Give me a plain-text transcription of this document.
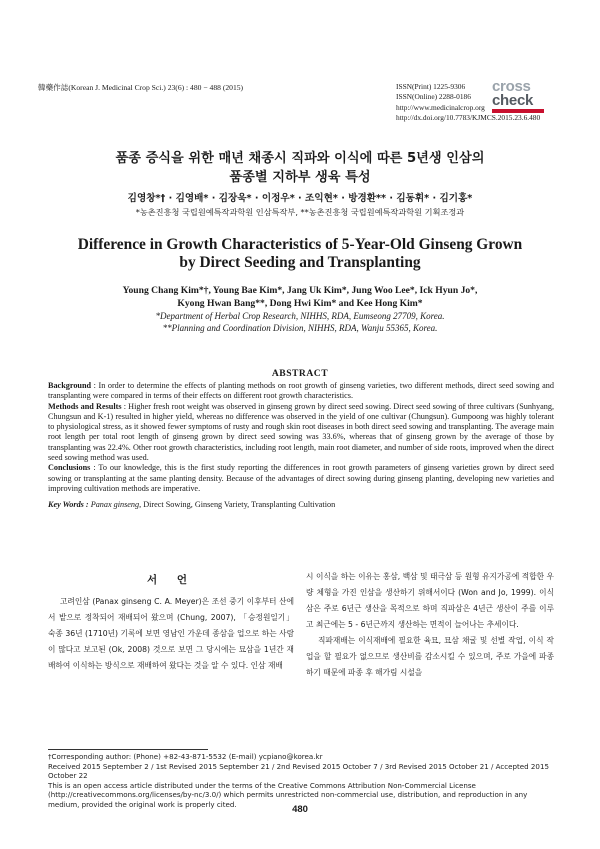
韓藥作誌(Korean J. Medicinal Crop Sci.) 23(6) : 480 − 488 (2015)	ISSN(Print) 1225-9306
ISSN(Online) 2288-0186
http://www.medicinalcrop.org
http://dx.doi.org/10.7783/KJMCS.2015.23.6.480
cross
check
품종 증식을 위한 매년 채종시 직파와 이식에 따른 5년생 인삼의
품종별 지하부 생육 특성
김영창*† · 김영배* · 김장욱* · 이정우* · 조익현* · 방경환** · 김동휘* · 김기홍*
*농촌진흥청 국립원예특작과학원 인삼특작부, **농촌진흥청 국립원예특작과학원 기획조정과
Difference in Growth Characteristics of 5-Year-Old Ginseng Grown
by Direct Seeding and Transplanting
Young Chang Kim*†, Young Bae Kim*, Jang Uk Kim*, Jung Woo Lee*, Ick Hyun Jo*,
Kyong Hwan Bang**, Dong Hwi Kim* and Kee Hong Kim*
*Department of Herbal Crop Research, NIHHS, RDA, Eumseong 27709, Korea.
**Planning and Coordination Division, NIHHS, RDA, Wanju 55365, Korea.
ABSTRACT

Background : In order to determine the effects of planting methods on root growth of ginseng varieties, two different methods, direct seed sowing and transplanting were compared in terms of their effects on different root growth characteristics.

Methods and Results : Higher fresh root weight was observed in ginseng grown by direct seed sowing. Direct seed sowing of three cultivars (Sunhyang, Chungsun and K-1) resulted in higher yield, whereas no difference was observed in the yield of one cultivar (Chungsun). Gumpoong was highly tolerant to physiological stress, as it showed fewer symptoms of rusty and rough skin root diseases in both direct seed sowing and transplanting. The average main root length per total root length of ginseng grown by direct seed sowing was 33.6%, whereas that of ginseng grown by the average of those by transplanting was 22.4%. Other root growth characteristics, including root length, main root diameter, and number of side roots, improved when the direct seed sowing method was used.

Conclusions : To our knowledge, this is the first study reporting the differences in root growth parameters of ginseng varieties grown by direct seed sowing or transplanting at the same planting density. Because of the advantages of direct sowing during ginseng planting, developing new varieties and improving cultivation methods are imperative.

Key Words : Panax ginseng, Direct Sowing, Ginseng Variety, Transplanting Cultivation

서 언

고려인삼 (Panax ginseng C. A. Meyer)은 조선 중기 이후부터 산에서 밭으로 정착되어 재배되어 왔으며 (Chung, 2007), 「승정원일기」 숙종 36년 (1710년) 기록에 보면 영남인 가운데 종삼을 업으로 하는 사람이 많다고 보고된 (Ok, 2008) 것으로 보면 그 당시에는 묘삼을 1년간 재배하여 이식하는 방식으로 재배하여 왔다는 것을 알 수 있다. 인삼 재배

시 이식을 하는 이유는 홍삼, 백삼 및 태극삼 등 원형 유지가공에 적합한 우량 체형을 가진 인삼을 생산하기 위해서이다 (Won and Jo, 1999). 이식삼은 주로 6년근 생산을 목적으로 하며 직파삼은 4년근 생산이 주를 이루고 최근에는 5 - 6년근까지 생산하는 면적이 늘어나는 추세이다.

직파재배는 이식재배에 필요한 육묘, 묘삼 채굴 및 선별 작업, 이식 작업을 할 필요가 없으므로 생산비를 감소시킬 수 있으며, 주로 가을에 파종하기 때문에 파종 후 해가림 시설을

†Corresponding author: (Phone) +82-43-871-5532 (E-mail) ycpiano@korea.kr

Received 2015 September 2 / 1st Revised 2015 September 21 / 2nd Revised 2015 October 7 / 3rd Revised 2015 October 21 / Accepted 2015 October 22

This is an open access article distributed under the terms of the Creative Commons Attribution Non-Commercial License (http://creativecommons.org/licenses/by-nc/3.0/) which permits unrestricted non-commercial use, distribution, and reproduction in any medium, provided the original work is properly cited.	480
